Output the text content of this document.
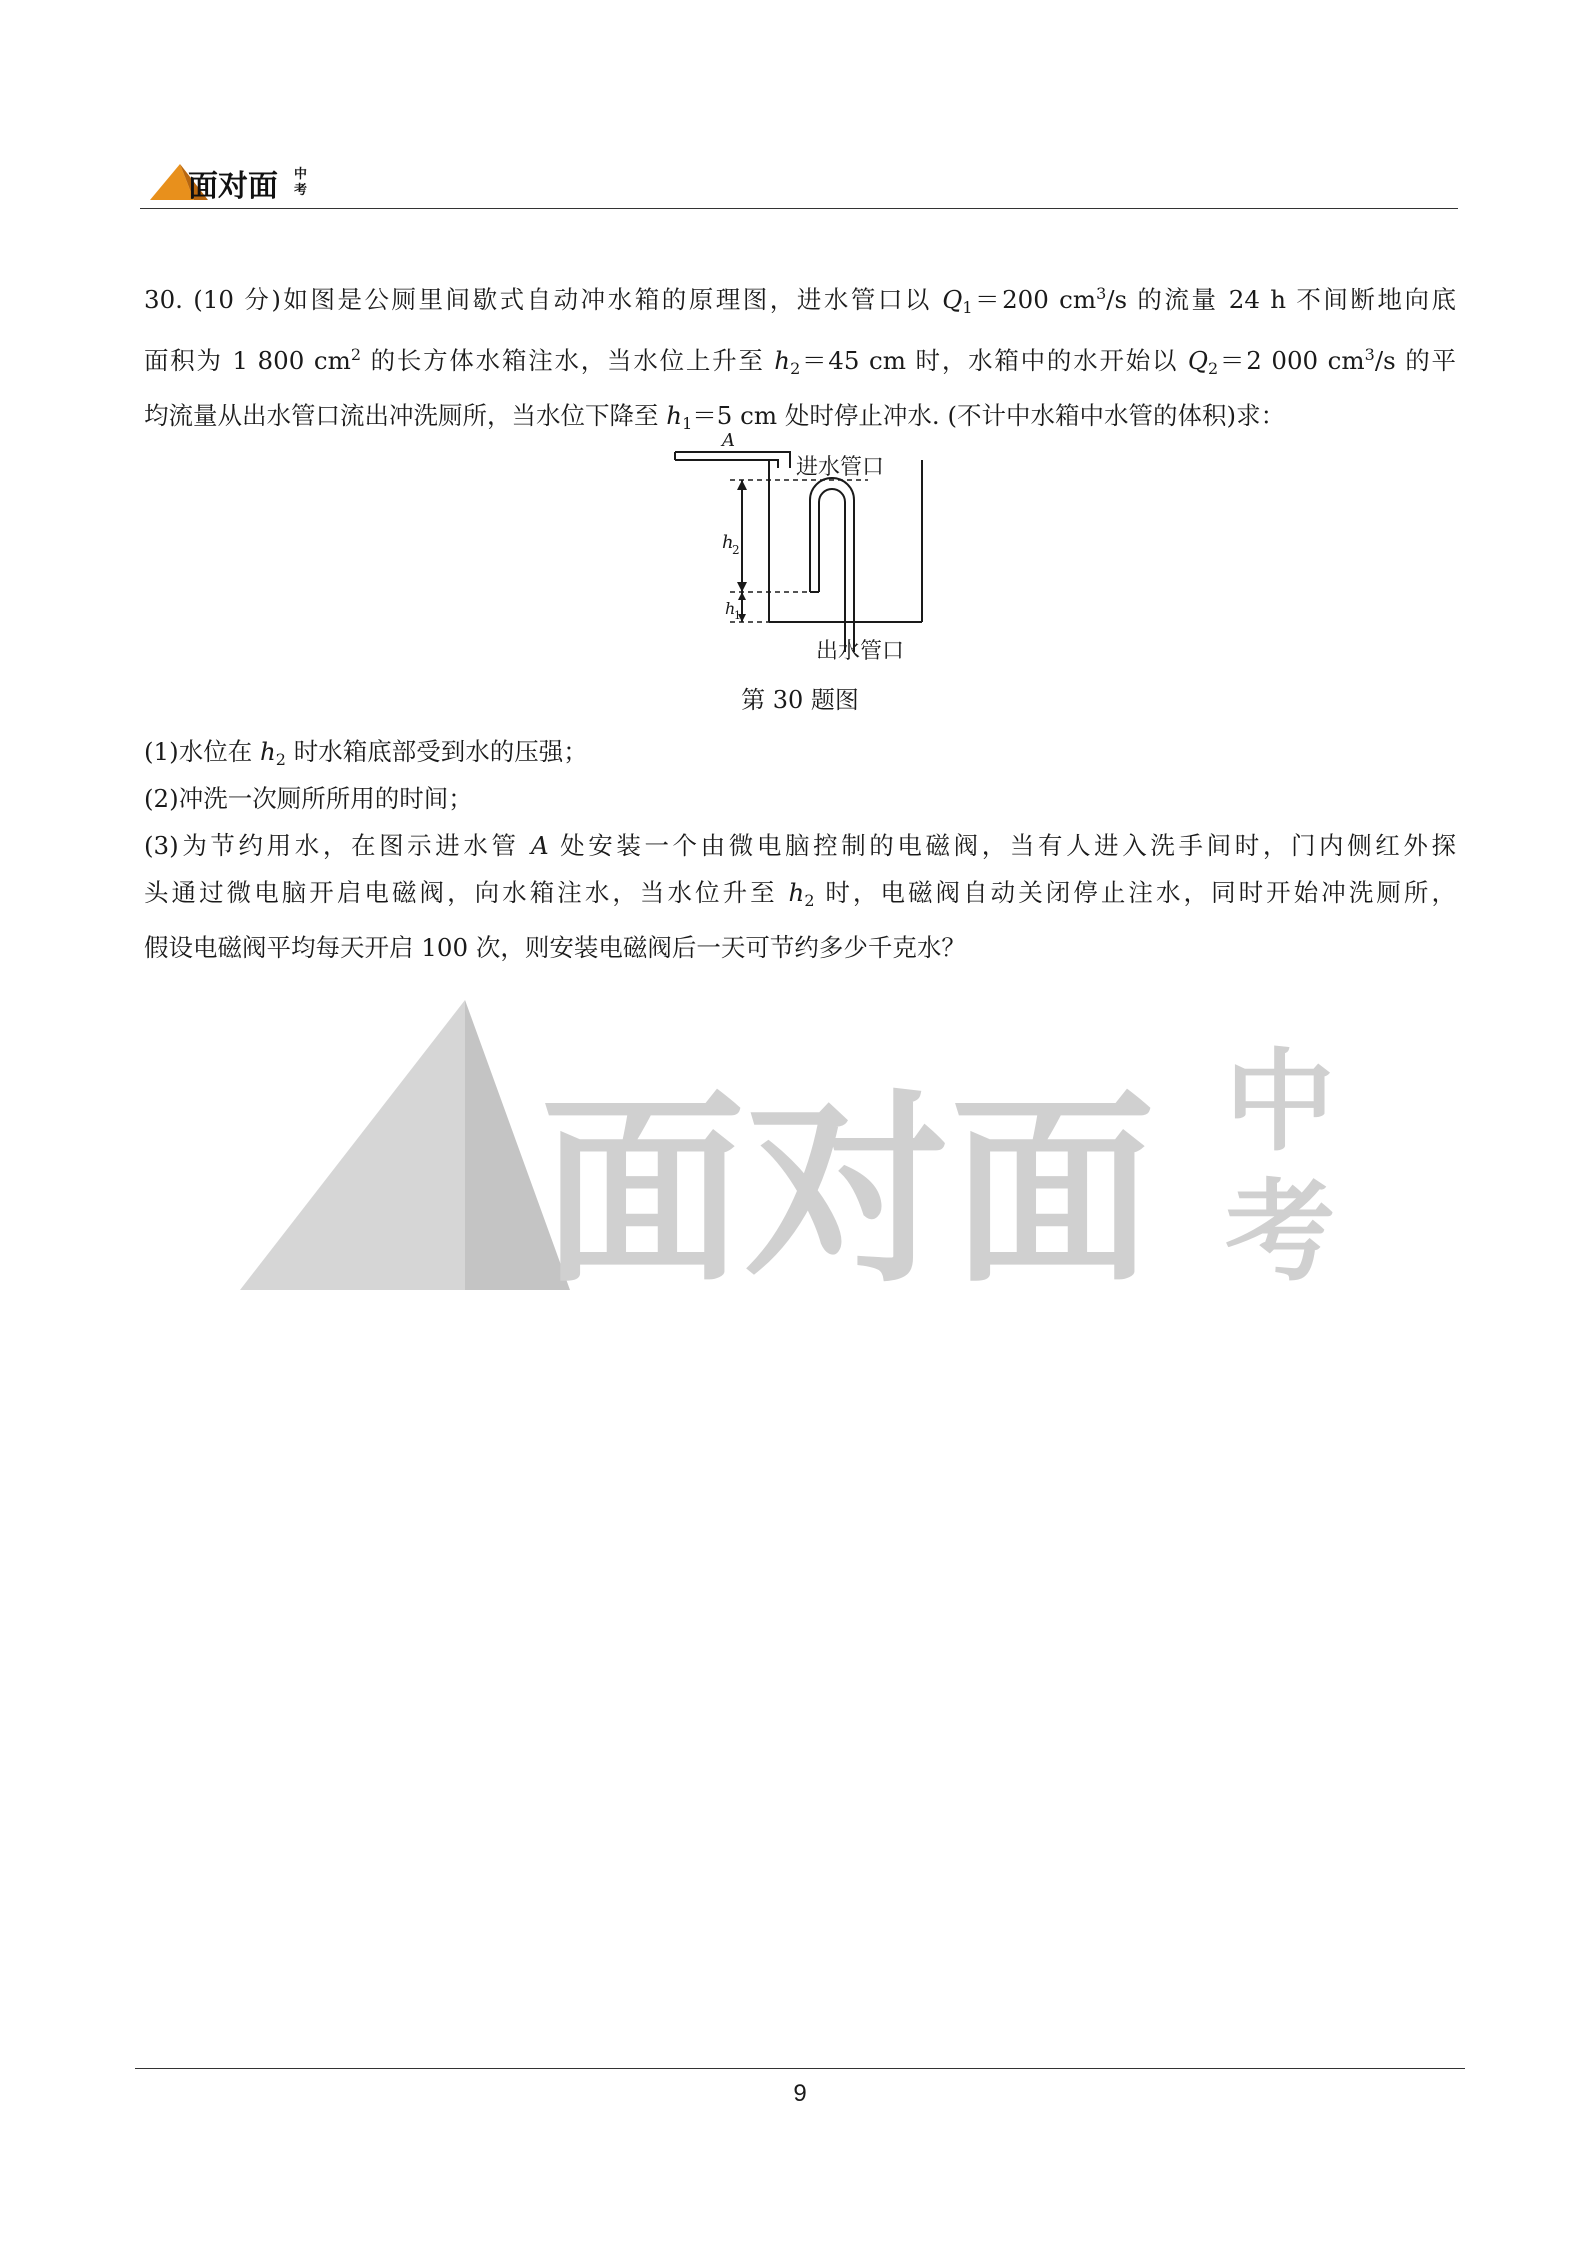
面对面 中
考
30. (10 分)如图是公厕里间歇式自动冲水箱的原理图，进水管口以 $Q_1=200$ $cm^3/s$ 的流量 24 h 不间断地向底
面积为 1 800 $cm^2$ 的长方体水箱注水，当水位上升至 $h_2=45$ cm 时，水箱中的水开始以 $Q_2=2$ 000 $cm^3/s$ 的平
均流量从出水管口流出冲洗厕所，当水位下降至 $h_1=5$ cm 处时停止冲水. (不计中水箱中水管的体积)求：
A
进水管口
h
2
h
1
出水管口
第 30 题图
(1)水位在 $h_2$ 时水箱底部受到水的压强；
(2)冲洗一次厕所所用的时间；
(3)为节约用水，在图示进水管 A 处安装一个由微电脑控制的电磁阀，当有人进入洗手间时，门内侧红外探
头通过微电脑开启电磁阀，向水箱注水，当水位升至 $h_2$ 时，电磁阀自动关闭停止注水，同时开始冲洗厕所，
假设电磁阀平均每天开启 100 次，则安装电磁阀后一天可节约多少千克水？
面对面 中
考
9
